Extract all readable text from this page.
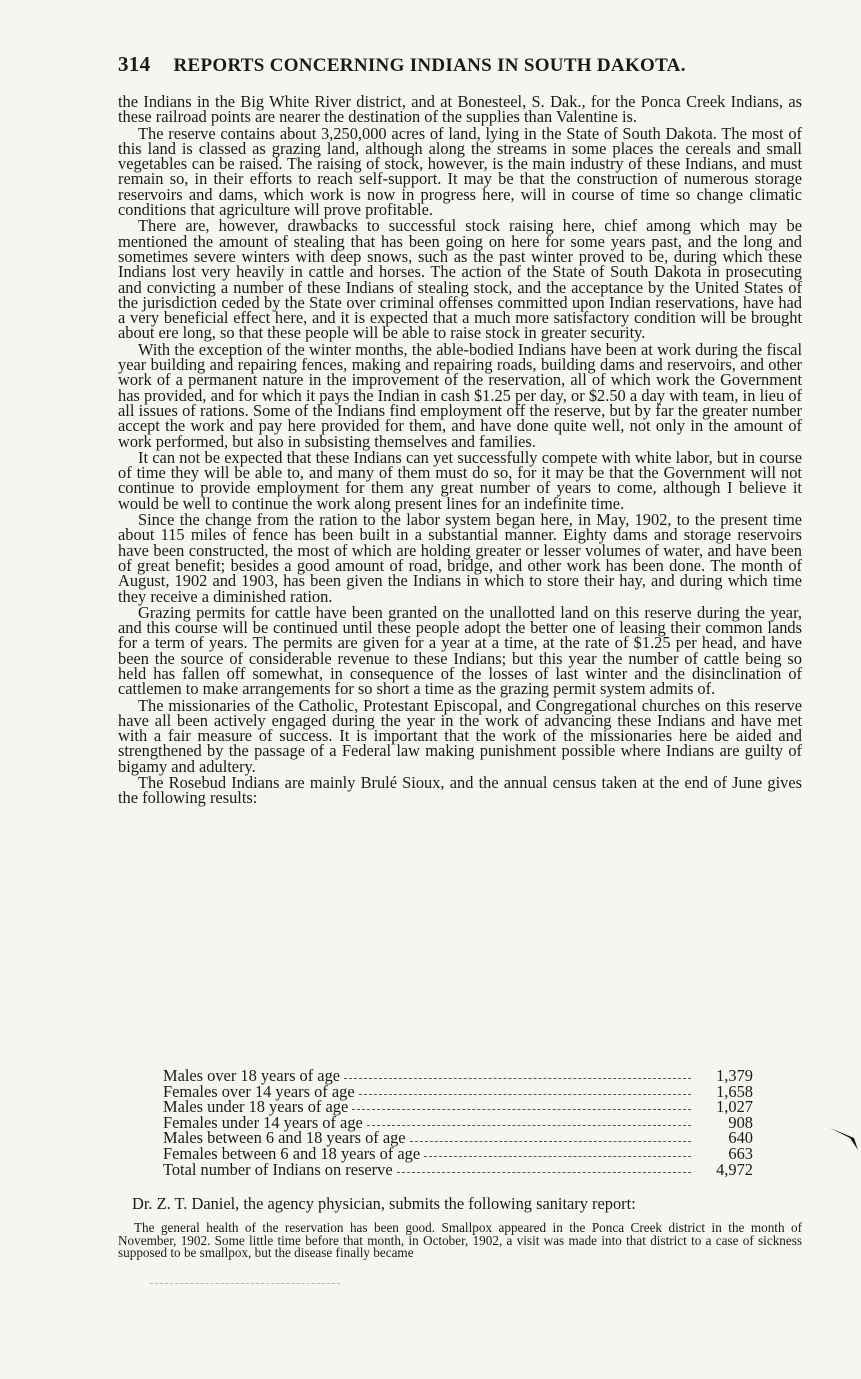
314 REPORTS CONCERNING INDIANS IN SOUTH DAKOTA.

the Indians in the Big White River district, and at Bonesteel, S. Dak., for the Ponca Creek Indians, as these railroad points are nearer the destination of the supplies than Valentine is.

The reserve contains about 3,250,000 acres of land, lying in the State of South Dakota. The most of this land is classed as grazing land, although along the streams in some places the cereals and small vegetables can be raised. The raising of stock, however, is the main industry of these Indians, and must remain so, in their efforts to reach self-support. It may be that the construction of numerous storage reservoirs and dams, which work is now in progress here, will in course of time so change climatic conditions that agriculture will prove profitable.

There are, however, drawbacks to successful stock raising here, chief among which may be mentioned the amount of stealing that has been going on here for some years past, and the long and sometimes severe winters with deep snows, such as the past winter proved to be, during which these Indians lost very heavily in cattle and horses. The action of the State of South Dakota in prosecuting and convicting a number of these Indians of stealing stock, and the acceptance by the United States of the jurisdiction ceded by the State over criminal offenses committed upon Indian reservations, have had a very beneficial effect here, and it is expected that a much more satisfactory condition will be brought about ere long, so that these people will be able to raise stock in greater security.

With the exception of the winter months, the able-bodied Indians have been at work during the fiscal year building and repairing fences, making and repairing roads, building dams and reservoirs, and other work of a permanent nature in the improvement of the reservation, all of which work the Government has provided, and for which it pays the Indian in cash $1.25 per day, or $2.50 a day with team, in lieu of all issues of rations. Some of the Indians find employment off the reserve, but by far the greater number accept the work and pay here provided for them, and have done quite well, not only in the amount of work performed, but also in subsisting themselves and families.

It can not be expected that these Indians can yet successfully compete with white labor, but in course of time they will be able to, and many of them must do so, for it may be that the Government will not continue to provide employment for them any great number of years to come, although I believe it would be well to continue the work along present lines for an indefinite time.

Since the change from the ration to the labor system began here, in May, 1902, to the present time about 115 miles of fence has been built in a substantial manner. Eighty dams and storage reservoirs have been constructed, the most of which are holding greater or lesser volumes of water, and have been of great benefit; besides a good amount of road, bridge, and other work has been done. The month of August, 1902 and 1903, has been given the Indians in which to store their hay, and during which time they receive a diminished ration.

Grazing permits for cattle have been granted on the unallotted land on this reserve during the year, and this course will be continued until these people adopt the better one of leasing their common lands for a term of years. The permits are given for a year at a time, at the rate of $1.25 per head, and have been the source of considerable revenue to these Indians; but this year the number of cattle being so held has fallen off somewhat, in consequence of the losses of last winter and the disinclination of cattlemen to make arrangements for so short a time as the grazing permit system admits of.

The missionaries of the Catholic, Protestant Episcopal, and Congregational churches on this reserve have all been actively engaged during the year in the work of advancing these Indians and have met with a fair measure of success. It is important that the work of the missionaries here be aided and strengthened by the passage of a Federal law making punishment possible where Indians are guilty of bigamy and adultery.

The Rosebud Indians are mainly Brulé Sioux, and the annual census taken at the end of June gives the following results:

Males over 18 years of age	1,379
Females over 14 years of age	1,658
Males under 18 years of age	1,027
Females under 14 years of age	908
Males between 6 and 18 years of age	640
Females between 6 and 18 years of age	663
Total number of Indians on reserve	4,972
Dr. Z. T. Daniel, the agency physician, submits the following sanitary report:

The general health of the reservation has been good. Smallpox appeared in the Ponca Creek district in the month of November, 1902. Some little time before that month, in October, 1902, a visit was made into that district to a case of sickness supposed to be smallpox, but the disease finally became
